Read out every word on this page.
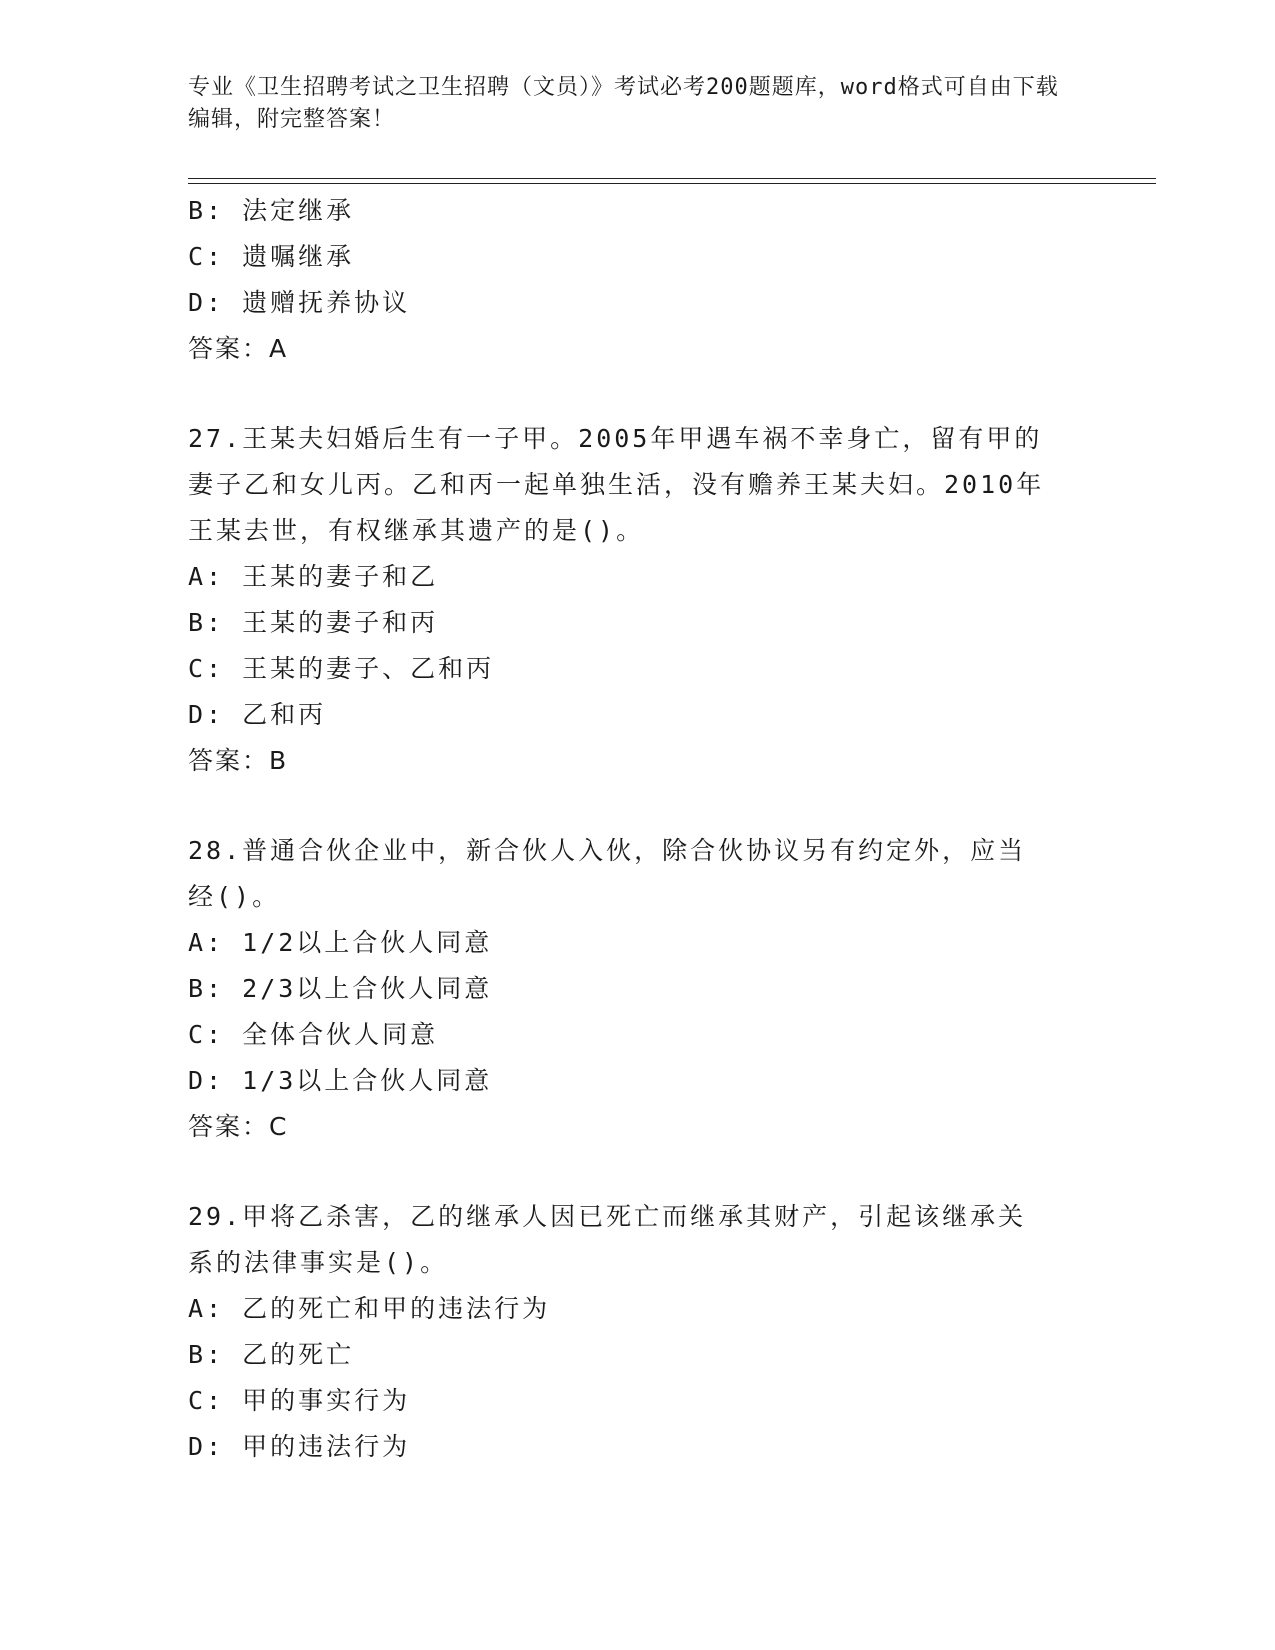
专业《卫生招聘考试之卫生招聘（文员）》考试必考200题题库，word格式可自由下载编辑，附完整答案！
B: 法定继承
C: 遗嘱继承
D: 遗赠抚养协议
答案：A
27.王某夫妇婚后生有一子甲。2005年甲遇车祸不幸身亡，留有甲的妻子乙和女儿丙。乙和丙一起单独生活，没有赡养王某夫妇。2010年王某去世，有权继承其遗产的是()。
A: 王某的妻子和乙
B: 王某的妻子和丙
C: 王某的妻子、乙和丙
D: 乙和丙
答案：B
28.普通合伙企业中，新合伙人入伙，除合伙协议另有约定外，应当经()。
A: 1/2以上合伙人同意
B: 2/3以上合伙人同意
C: 全体合伙人同意
D: 1/3以上合伙人同意
答案：C
29.甲将乙杀害，乙的继承人因已死亡而继承其财产，引起该继承关系的法律事实是()。
A: 乙的死亡和甲的违法行为
B: 乙的死亡
C: 甲的事实行为
D: 甲的违法行为
